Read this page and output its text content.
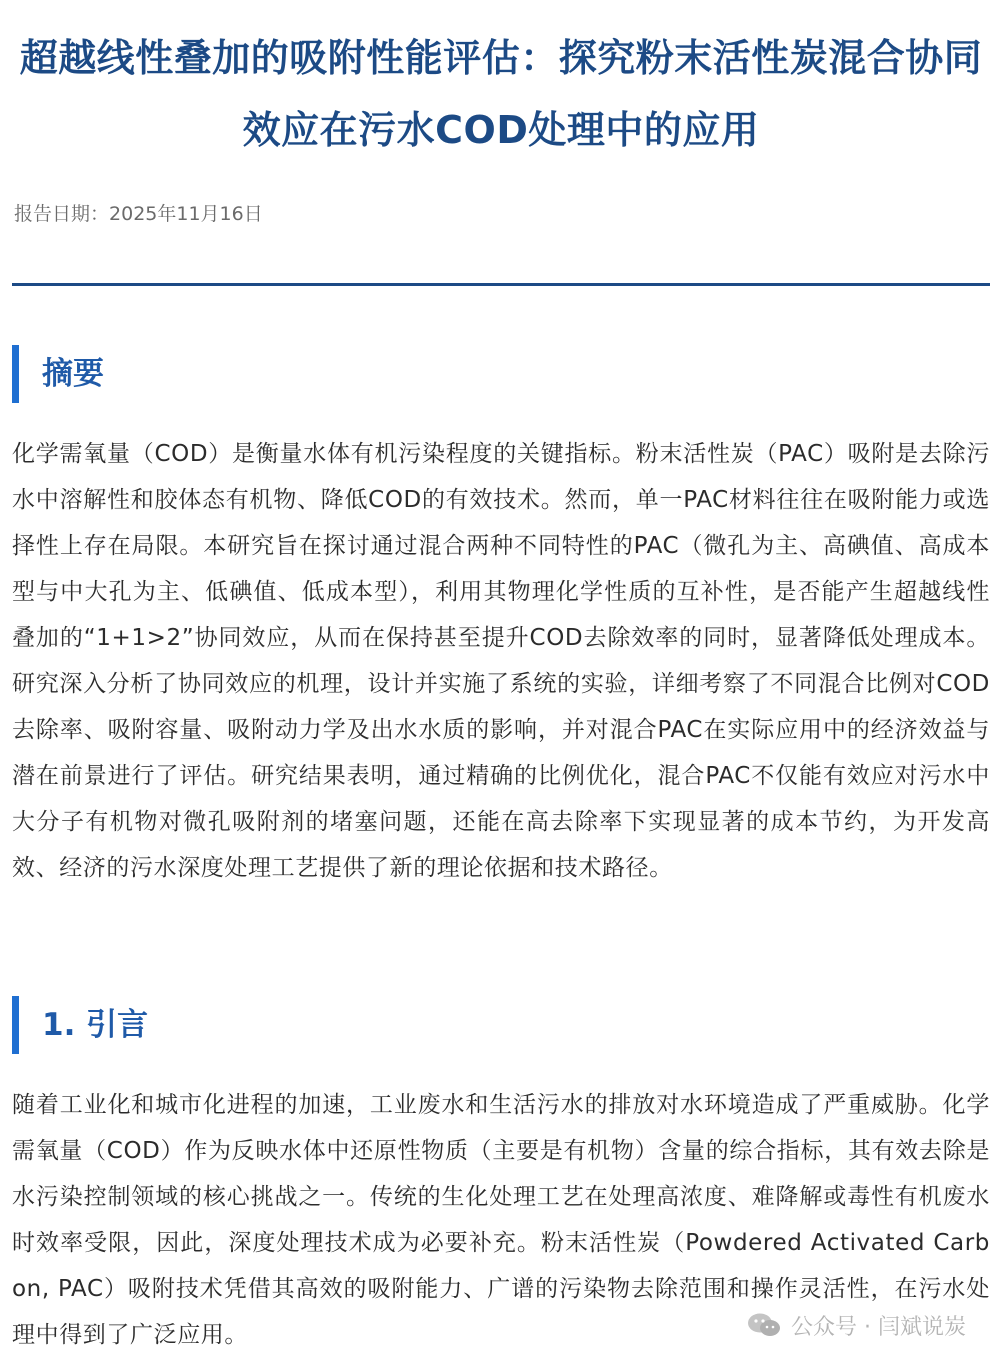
超越线性叠加的吸附性能评估：探究粉末活性炭混合协同效应在污水COD处理中的应用
报告日期：2025年11月16日
摘要

化学需氧量（COD）是衡量水体有机污染程度的关键指标。粉末活性炭（PAC）吸附是去除污水中溶解性和胶体态有机物、降低COD的有效技术。然而，单一PAC材料往往在吸附能力或选择性上存在局限。本研究旨在探讨通过混合两种不同特性的PAC（微孔为主、高碘值、高成本型与中大孔为主、低碘值、低成本型），利用其物理化学性质的互补性，是否能产生超越线性叠加的“1+1>2”协同效应，从而在保持甚至提升COD去除效率的同时，显著降低处理成本。研究深入分析了协同效应的机理，设计并实施了系统的实验，详细考察了不同混合比例对COD去除率、吸附容量、吸附动力学及出水水质的影响，并对混合PAC在实际应用中的经济效益与潜在前景进行了评估。研究结果表明，通过精确的比例优化，混合PAC不仅能有效应对污水中大分子有机物对微孔吸附剂的堵塞问题，还能在高去除率下实现显著的成本节约，为开发高效、经济的污水深度处理工艺提供了新的理论依据和技术路径。

1. 引言

随着工业化和城市化进程的加速，工业废水和生活污水的排放对水环境造成了严重威胁。化学需氧量（COD）作为反映水体中还原性物质（主要是有机物）含量的综合指标，其有效去除是水污染控制领域的核心挑战之一。传统的生化处理工艺在处理高浓度、难降解或毒性有机废水时效率受限，因此，深度处理技术成为必要补充。粉末活性炭（Powdered Activated Carbon, PAC）吸附技术凭借其高效的吸附能力、广谱的污染物去除范围和操作灵活性，在污水处理中得到了广泛应用。	公众号 · 闫斌说炭
